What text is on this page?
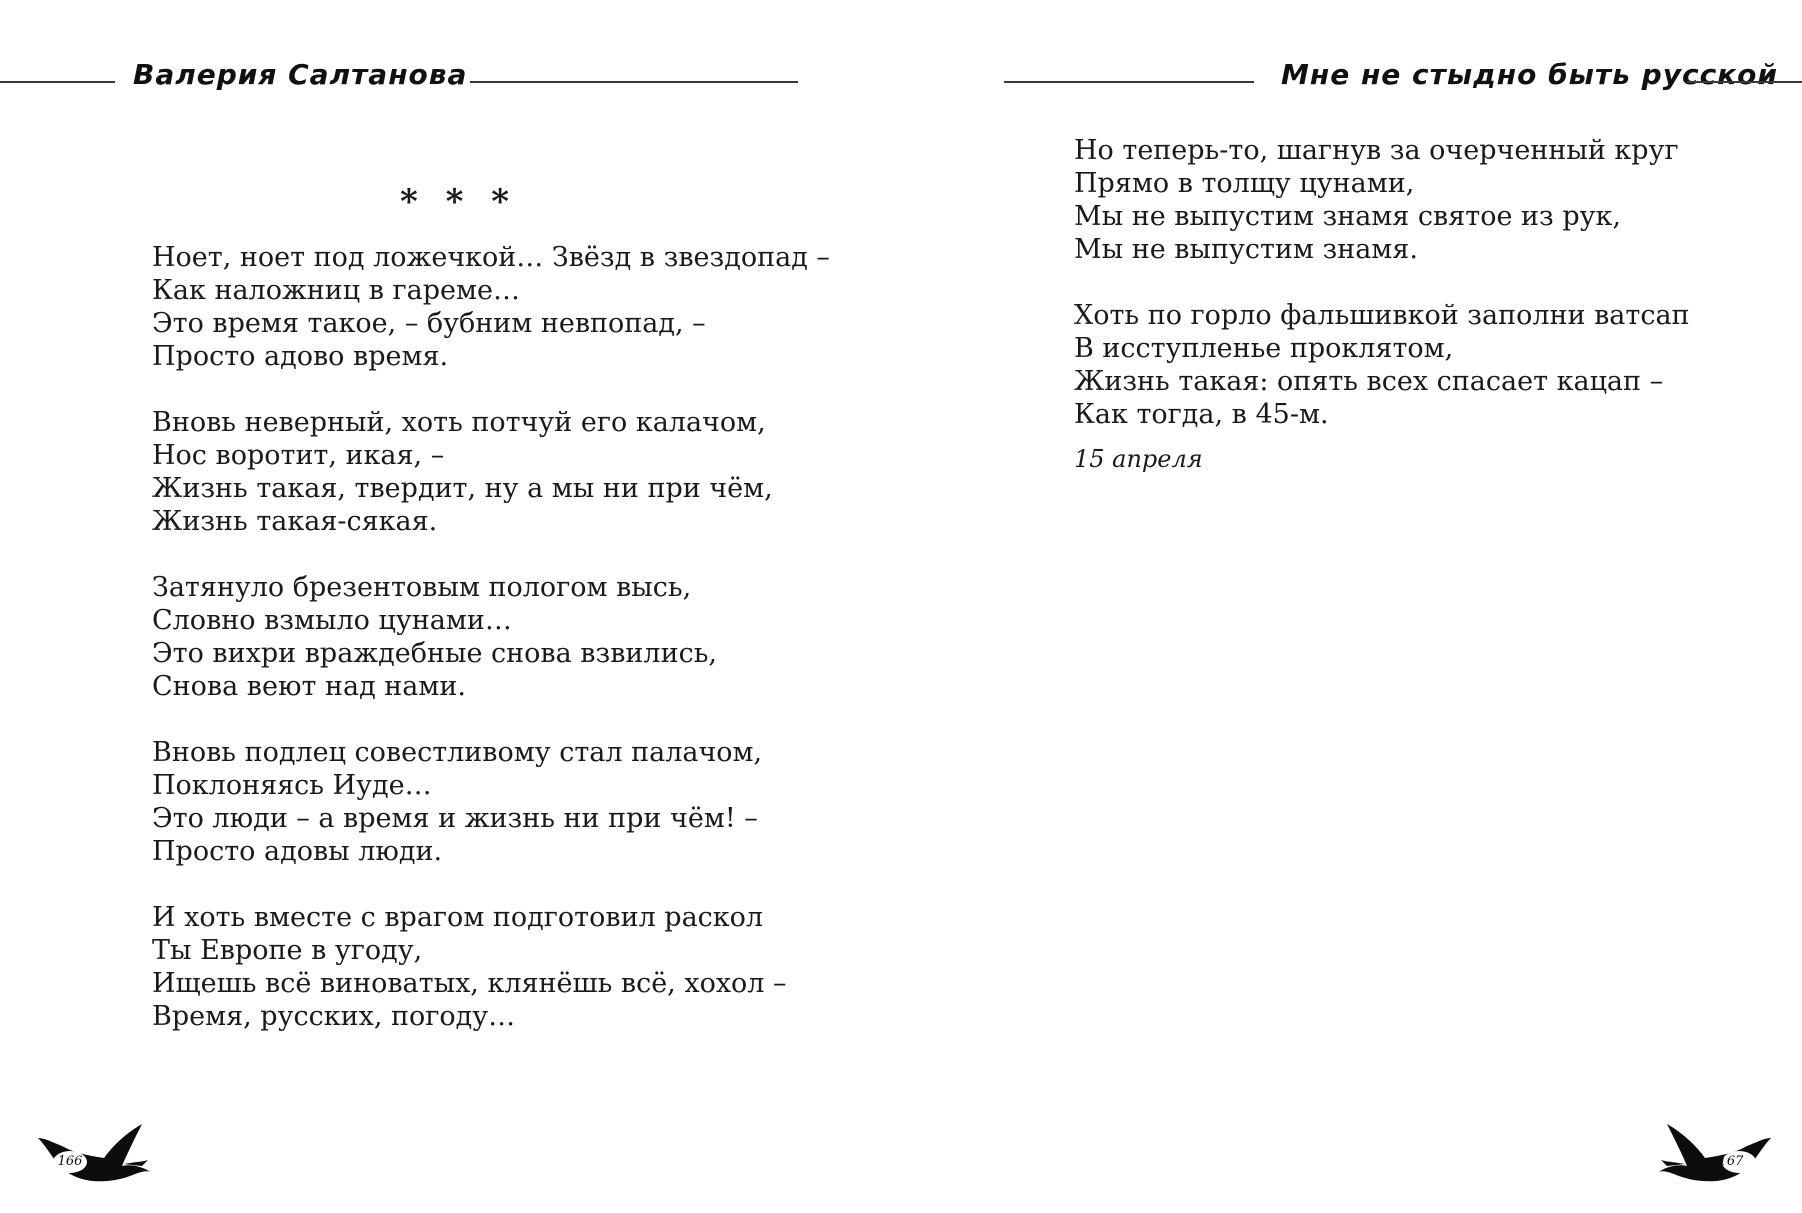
Валерия Салтанова
* * *
Ноет, ноет под ложечкой… Звёзд в звездопад –
Как наложниц в гареме…
Это время такое, – бубним невпопад, –
Просто адово время.
Вновь неверный, хоть потчуй его калачом,
Нос воротит, икая, –
Жизнь такая, твердит, ну а мы ни при чём,
Жизнь такая-сякая.
Затянуло брезентовым пологом высь,
Словно взмыло цунами…
Это вихри враждебные снова взвились,
Снова веют над нами.
Вновь подлец совестливому стал палачом,
Поклоняясь Иуде…
Это люди – а время и жизнь ни при чём! –
Просто адовы люди.
И хоть вместе с врагом подготовил раскол
Ты Европе в угоду,
Ищешь всё виноватых, клянёшь всё, хохол –
Время, русских, погоду…
166
Мне не стыдно быть русской
Но теперь-то, шагнув за очерченный круг
Прямо в толщу цунами,
Мы не выпустим знамя святое из рук,
Мы не выпустим знамя.
Хоть по горло фальшивкой заполни ватсап
В исступленье проклятом,
Жизнь такая: опять всех спасает кацап –
Как тогда, в 45-м.
15 апреля
167
